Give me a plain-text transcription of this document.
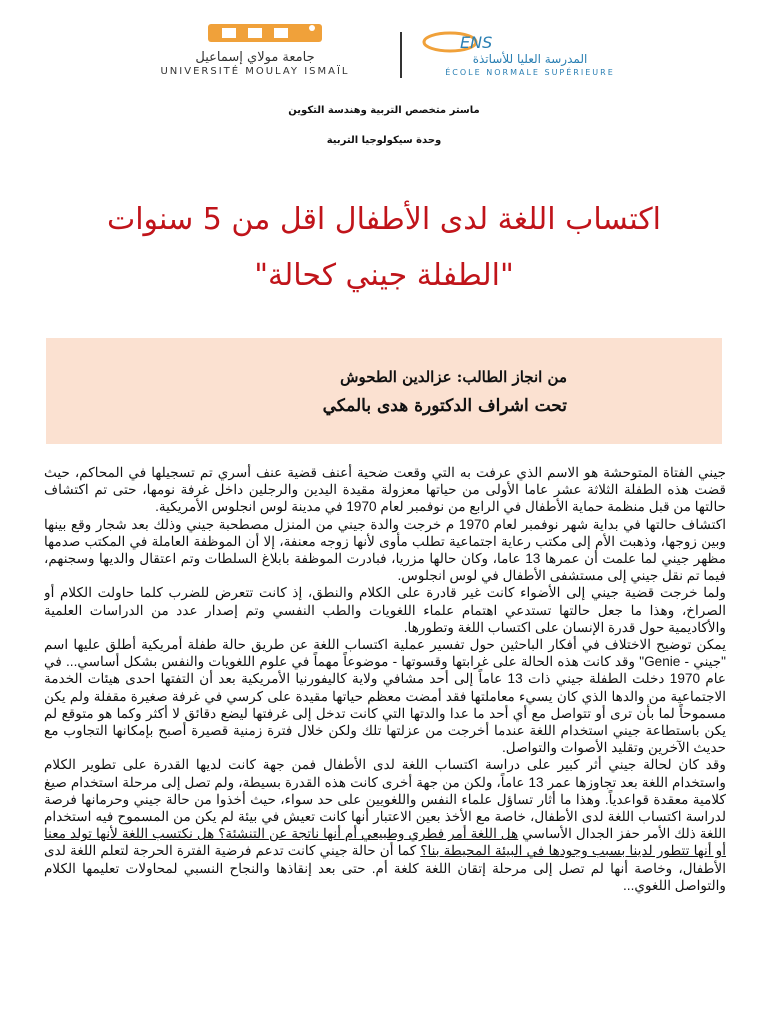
جامعة مولاي إسماعيل
UNIVERSITÉ MOULAY ISMAÏL
ENS
المدرسة العليا للأساتذة
ÉCOLE NORMALE SUPÉRIEURE
ماستر متخصص التربية وهندسة التكوين
وحدة سيكولوجيا التربية
اكتساب اللغة لدى الأطفال اقل من 5 سنوات
"الطفلة جيني كحالة"
من انجاز الطالب: عزالدين الطحوش
تحت اشراف الدكتورة هدى بالمكي

جيني الفتاة المتوحشة هو الاسم الذي عرفت به التي وقعت ضحية أعنف قضية عنف أسري تم تسجيلها في المحاكم، حيث قضت هذه الطفلة الثلاثة عشر عاما الأولى من حياتها معزولة مقيدة اليدين والرجلين داخل غرفة نومها، حتى تم اكتشاف حالتها من قبل منظمة حماية الأطفال في الرابع من نوفمبر لعام 1970 في مدينة لوس انجلوس الأمريكية.

اكتشاف حالتها في بداية شهر نوفمبر لعام 1970 م خرجت والدة جيني من المنزل مصطحبة جيني وذلك بعد شجار وقع بينها وبين زوجها، وذهبت الأم إلى مكتب رعاية اجتماعية تطلب مأوى لأنها زوجه معنفة، إلا أن الموظفة العاملة في المكتب صدمها مظهر جيني لما علمت أن عمرها 13 عاما، وكان حالها مزريا، فبادرت الموظفة بابلاغ السلطات وتم اعتقال والديها وسجنهم، فيما تم نقل جيني إلى مستشفى الأطفال في لوس انجلوس.

ولما خرجت قضية جيني إلى الأضواء كانت غير قادرة على الكلام والنطق، إذ كانت تتعرض للضرب كلما حاولت الكلام أو الصراخ، وهذا ما جعل حالتها تستدعي اهتمام علماء اللغويات والطب النفسي وتم إصدار عدد من الدراسات العلمية والأكاديمية حول قدرة الإنسان على اكتساب اللغة وتطورها.

يمكن توضيح الاختلاف في أفكار الباحثين حول تفسير عملية اكتساب اللغة عن طريق حالة طفلة أمريكية أطلق عليها اسم "جيني - Genie" وقد كانت هذه الحالة على غرابتها وقسوتها - موضوعاً مهماً في علوم اللغويات والنفس بشكل أساسي... في عام 1970 دخلت الطفلة جيني ذات 13 عاماً إلى أحد مشافي ولاية كاليفورنيا الأمريكية بعد أن التفتها احدى هيئات الخدمة الاجتماعية من والدها الذي كان يسيء معاملتها فقد أمضت معظم حياتها مقيدة على كرسي في غرفة صغيرة مقفلة ولم يكن مسموحاً لما بأن ترى أو تتواصل مع أي أحد ما عدا والدتها التي كانت تدخل إلى غرفتها ليضع دقائق لا أكثر وكما هو متوقع لم يكن باستطاعة جيني استخدام اللغة عندما أخرجت من عزلتها تلك ولكن خلال فترة زمنية قصيرة أصبح بإمكانها التجاوب مع حديث الآخرين وتقليد الأصوات والتواصل.

وقد كان لحالة جيني أثر كبير على دراسة اكتساب اللغة لدى الأطفال فمن جهة كانت لديها القدرة على تطوير الكلام واستخدام اللغة بعد تجاوزها عمر 13 عاماً، ولكن من جهة أخرى كانت هذه القدرة بسيطة، ولم تصل إلى مرحلة استخدام صيغ كلامية معقدة قواعدياً. وهذا ما أثار تساؤل علماء النفس واللغويين على حد سواء، حيث أخذوا من حالة جيني وحرمانها فرصة لدراسة اكتساب اللغة لدى الأطفال، خاصة مع الأخذ بعين الاعتبار أنها كانت تعيش في بيئة لم يكن من المسموح فيه استخدام اللغة ذلك الأمر حفز الجدال الأساسي هل اللغة أمر فطري وطبيعي أم أنها ناتجة عن التنشئة؟ هل نكتسب اللغة لأنها تولد معنا أو أنها تتطور لدينا بسبب وجودها في البيئة المحيطة بنا؟ كما أن حالة جيني كانت تدعم فرضية الفترة الحرجة لتعلم اللغة لدى الأطفال، وخاصة أنها لم تصل إلى مرحلة إتقان اللغة كلغة أم. حتى بعد إنقاذها والنجاح النسبي لمحاولات تعليمها الكلام والتواصل اللغوي...
